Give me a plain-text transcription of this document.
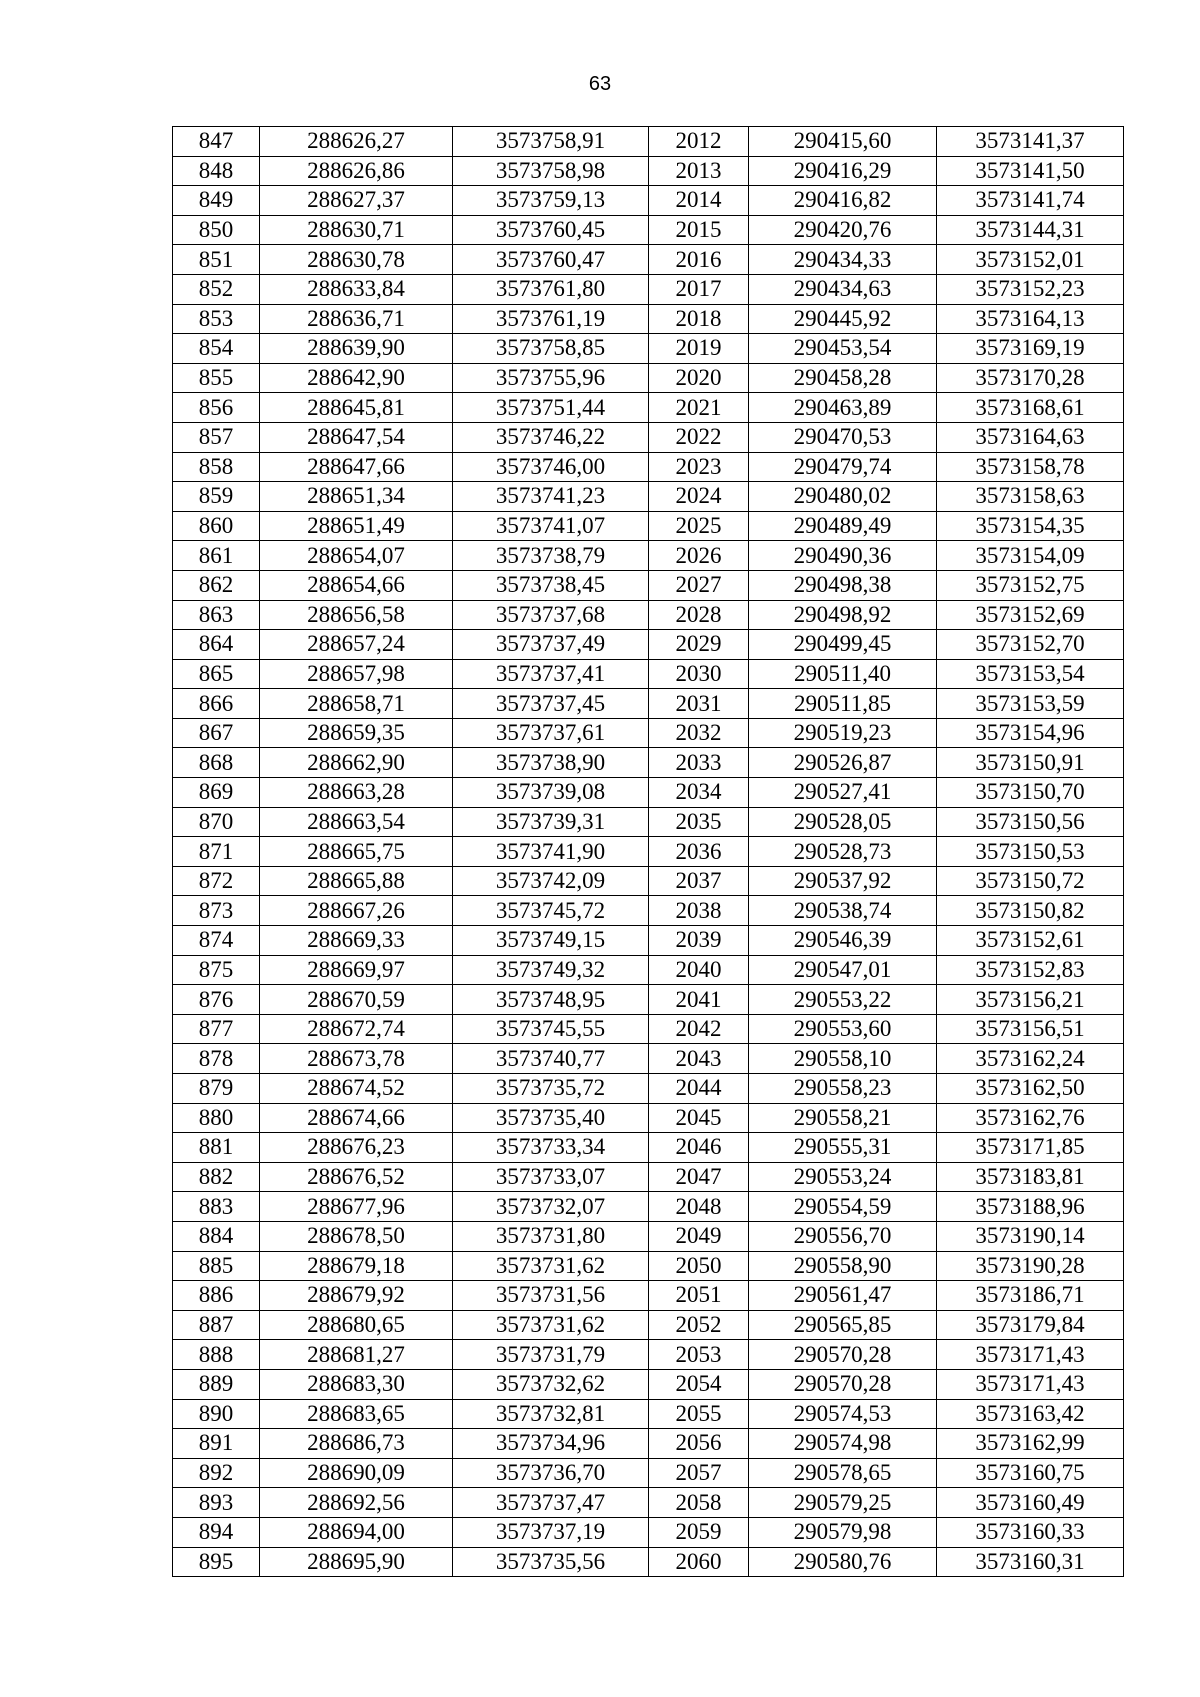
63
847	288626,27	3573758,91	2012	290415,60	3573141,37
848	288626,86	3573758,98	2013	290416,29	3573141,50
849	288627,37	3573759,13	2014	290416,82	3573141,74
850	288630,71	3573760,45	2015	290420,76	3573144,31
851	288630,78	3573760,47	2016	290434,33	3573152,01
852	288633,84	3573761,80	2017	290434,63	3573152,23
853	288636,71	3573761,19	2018	290445,92	3573164,13
854	288639,90	3573758,85	2019	290453,54	3573169,19
855	288642,90	3573755,96	2020	290458,28	3573170,28
856	288645,81	3573751,44	2021	290463,89	3573168,61
857	288647,54	3573746,22	2022	290470,53	3573164,63
858	288647,66	3573746,00	2023	290479,74	3573158,78
859	288651,34	3573741,23	2024	290480,02	3573158,63
860	288651,49	3573741,07	2025	290489,49	3573154,35
861	288654,07	3573738,79	2026	290490,36	3573154,09
862	288654,66	3573738,45	2027	290498,38	3573152,75
863	288656,58	3573737,68	2028	290498,92	3573152,69
864	288657,24	3573737,49	2029	290499,45	3573152,70
865	288657,98	3573737,41	2030	290511,40	3573153,54
866	288658,71	3573737,45	2031	290511,85	3573153,59
867	288659,35	3573737,61	2032	290519,23	3573154,96
868	288662,90	3573738,90	2033	290526,87	3573150,91
869	288663,28	3573739,08	2034	290527,41	3573150,70
870	288663,54	3573739,31	2035	290528,05	3573150,56
871	288665,75	3573741,90	2036	290528,73	3573150,53
872	288665,88	3573742,09	2037	290537,92	3573150,72
873	288667,26	3573745,72	2038	290538,74	3573150,82
874	288669,33	3573749,15	2039	290546,39	3573152,61
875	288669,97	3573749,32	2040	290547,01	3573152,83
876	288670,59	3573748,95	2041	290553,22	3573156,21
877	288672,74	3573745,55	2042	290553,60	3573156,51
878	288673,78	3573740,77	2043	290558,10	3573162,24
879	288674,52	3573735,72	2044	290558,23	3573162,50
880	288674,66	3573735,40	2045	290558,21	3573162,76
881	288676,23	3573733,34	2046	290555,31	3573171,85
882	288676,52	3573733,07	2047	290553,24	3573183,81
883	288677,96	3573732,07	2048	290554,59	3573188,96
884	288678,50	3573731,80	2049	290556,70	3573190,14
885	288679,18	3573731,62	2050	290558,90	3573190,28
886	288679,92	3573731,56	2051	290561,47	3573186,71
887	288680,65	3573731,62	2052	290565,85	3573179,84
888	288681,27	3573731,79	2053	290570,28	3573171,43
889	288683,30	3573732,62	2054	290570,28	3573171,43
890	288683,65	3573732,81	2055	290574,53	3573163,42
891	288686,73	3573734,96	2056	290574,98	3573162,99
892	288690,09	3573736,70	2057	290578,65	3573160,75
893	288692,56	3573737,47	2058	290579,25	3573160,49
894	288694,00	3573737,19	2059	290579,98	3573160,33
895	288695,90	3573735,56	2060	290580,76	3573160,31
